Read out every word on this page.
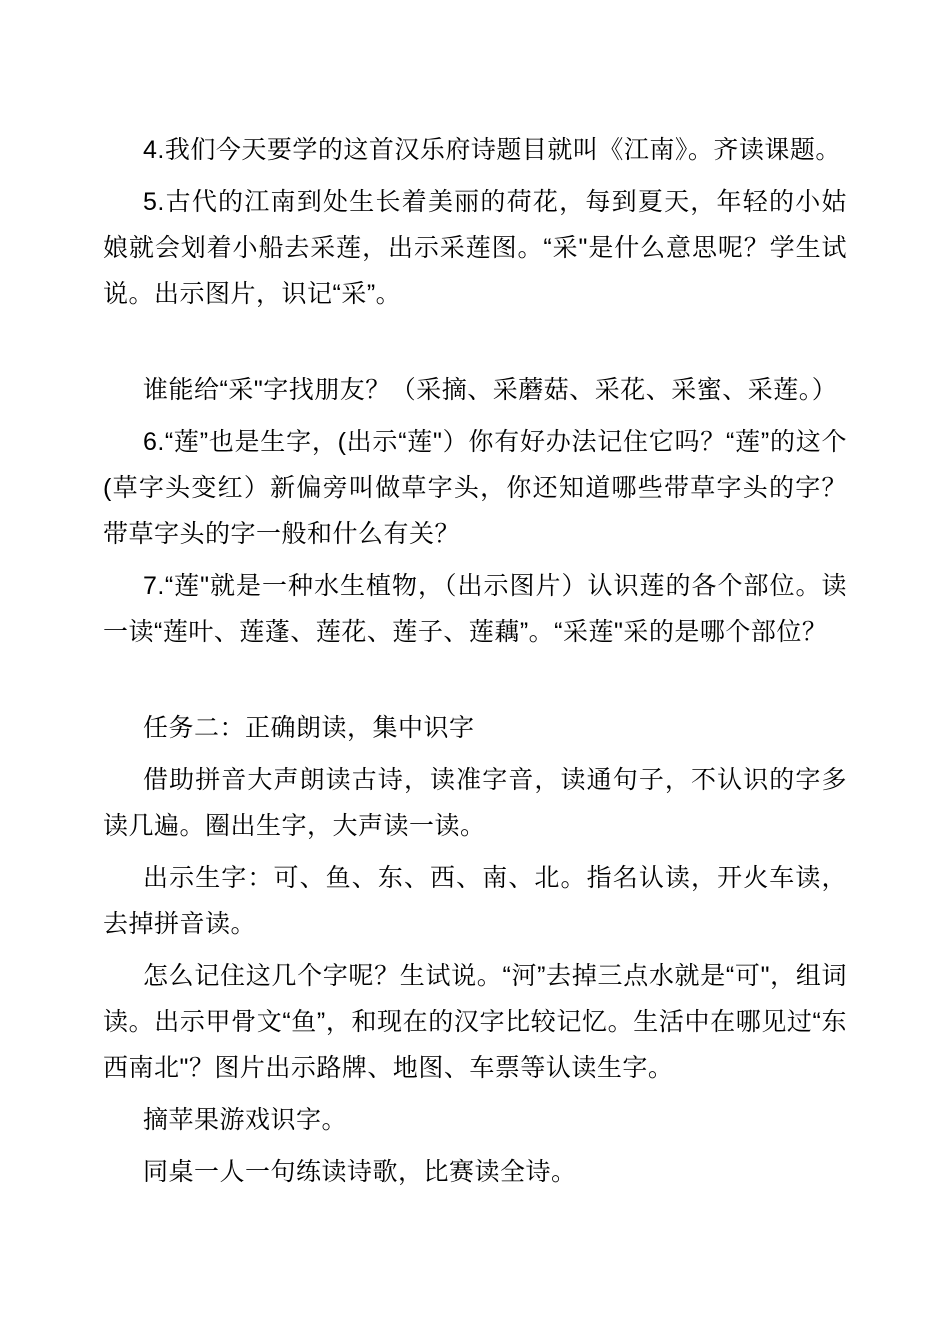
4.我们今天要学的这首汉乐府诗题目就叫《江南》。齐读课题。

5.古代的江南到处生长着美丽的荷花，每到夏天，年轻的小姑娘就会划着小船去采莲，出示采莲图。“采"是什么意思呢？学生试说。出示图片，识记“采”。

谁能给“采"字找朋友？（采摘、采蘑菇、采花、采蜜、采莲。）

6.“莲”也是生字，(出示“莲"）你有好办法记住它吗？“莲”的这个(草字头变红）新偏旁叫做草字头，你还知道哪些带草字头的字？带草字头的字一般和什么有关？

7.“莲"就是一种水生植物，（出示图片）认识莲的各个部位。读一读“莲叶、莲蓬、莲花、莲子、莲藕”。“采莲"采的是哪个部位？

任务二：正确朗读，集中识字

借助拼音大声朗读古诗，读准字音，读通句子，不认识的字多读几遍。圈出生字，大声读一读。

出示生字：可、鱼、东、西、南、北。指名认读，开火车读，去掉拼音读。

怎么记住这几个字呢？生试说。“河”去掉三点水就是“可"，组词读。出示甲骨文“鱼”，和现在的汉字比较记忆。生活中在哪见过“东西南北"？图片出示路牌、地图、车票等认读生字。

摘苹果游戏识字。

同桌一人一句练读诗歌，比赛读全诗。
